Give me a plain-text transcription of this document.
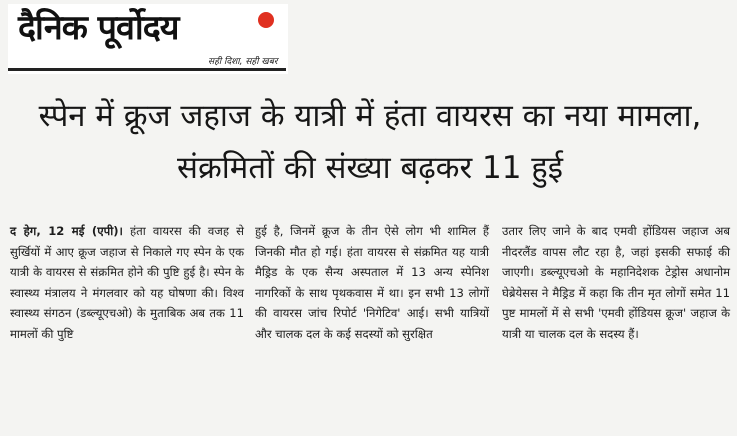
दैनिक पूर्वोदय
सही दिशा, सही खबर
स्पेन में क्रूज जहाज के यात्री में हंता वायरस का नया मामला, संक्रमितों की संख्या बढ़कर 11 हुई

द हेग, 12 मई (एपी)। हंता वायरस की वजह से सुर्खियों में आए क्रूज जहाज से निकाले गए स्पेन के एक यात्री के वायरस से संक्रमित होने की पुष्टि हुई है। स्पेन के स्वास्थ्य मंत्रालय ने मंगलवार को यह घोषणा की। विश्व स्वास्थ्य संगठन (डब्ल्यूएचओ) के मुताबिक अब तक 11 मामलों की पुष्टि

हुई है, जिनमें क्रूज के तीन ऐसे लोग भी शामिल हैं जिनकी मौत हो गई। हंता वायरस से संक्रमित यह यात्री मैड्रिड के एक सैन्य अस्पताल में 13 अन्य स्पेनिश नागरिकों के साथ पृथकवास में था। इन सभी 13 लोगों की वायरस जांच रिपोर्ट 'निगेटिव' आई। सभी यात्रियों और चालक दल के कई सदस्यों को सुरक्षित

उतार लिए जाने के बाद एमवी होंडियस जहाज अब नीदरलैंड वापस लौट रहा है, जहां इसकी सफाई की जाएगी। डब्ल्यूएचओ के महानिदेशक टेड्रोस अधानोम घेब्रेयेसस ने मैड्रिड में कहा कि तीन मृत लोगों समेत 11 पुष्ट मामलों में से सभी 'एमवी होंडियस क्रूज' जहाज के यात्री या चालक दल के सदस्य हैं।
